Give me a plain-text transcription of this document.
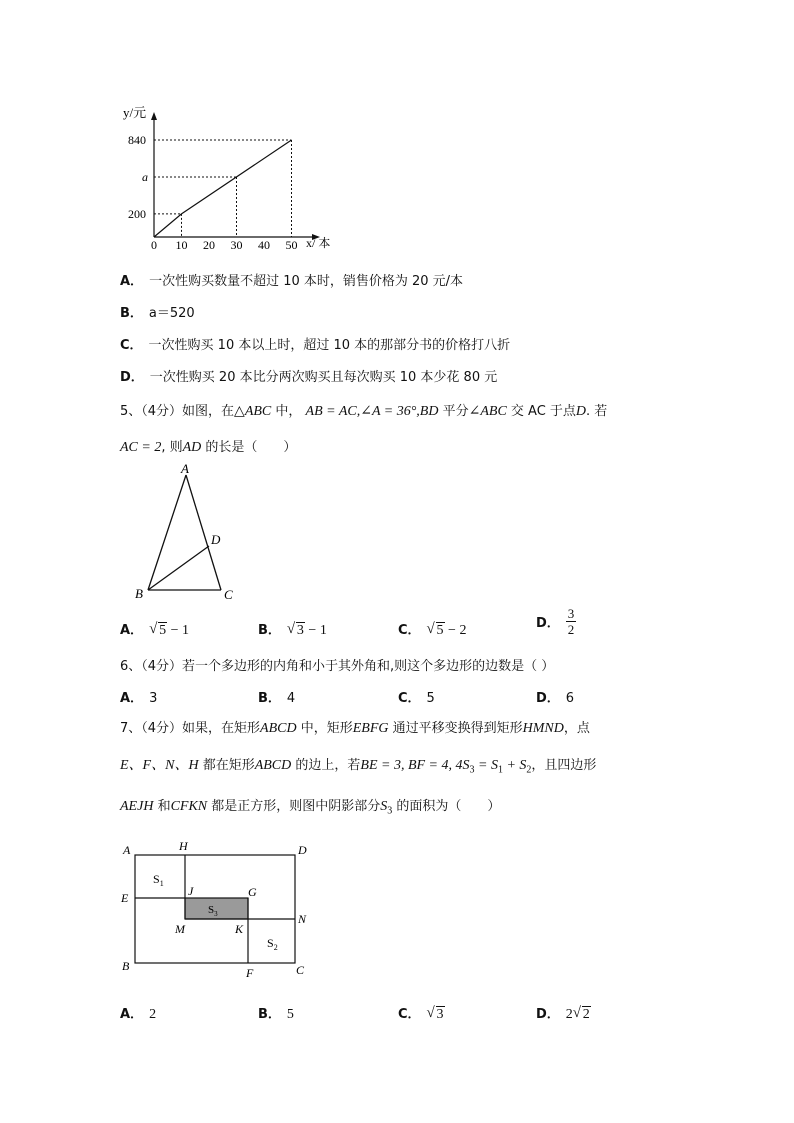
y/元
0 10 20 30 40 50
200
a
840
x/ 本
A． 一次性购买数量不超过 10 本时，销售价格为 20 元/本
B． a＝520
C． 一次性购买 10 本以上时，超过 10 本的那部分书的价格打八折
D． 一次性购买 20 本比分两次购买且每次购买 10 本少花 80 元
5、（4分）如图，在△ABC 中， AB = AC,∠A = 36°,BD 平分∠ABC 交 AC 于点D. 若
AC = 2, 则AD 的长是（　　）
A
B	C
D
A． √ 5 − 1	B． √ 3 − 1	C． √ 5 − 2	D． $\frac{3}{2}$
6、（4分）若一个多边形的内角和小于其外角和,则这个多边形的边数是（ ）
A． 3	B． 4	C． 5	D． 6
7、（4分）如果，在矩形ABCD 中，矩形EBFG 通过平移变换得到矩形HMND，点
E、F、N、H 都在矩形ABCD 的边上，若BE = 3, BF = 4, $4S_3 = S_1 + S_2$，且四边形
AEJH 和CFKN 都是正方形，则图中阴影部分$S_3$ 的面积为（　　）
A	D
H
E	J	G
N
M	K
B	F	C
$S_1$
$S_2$
$S_3$
A． 2	B． 5	C． √ 3	D． 2 √ 2
